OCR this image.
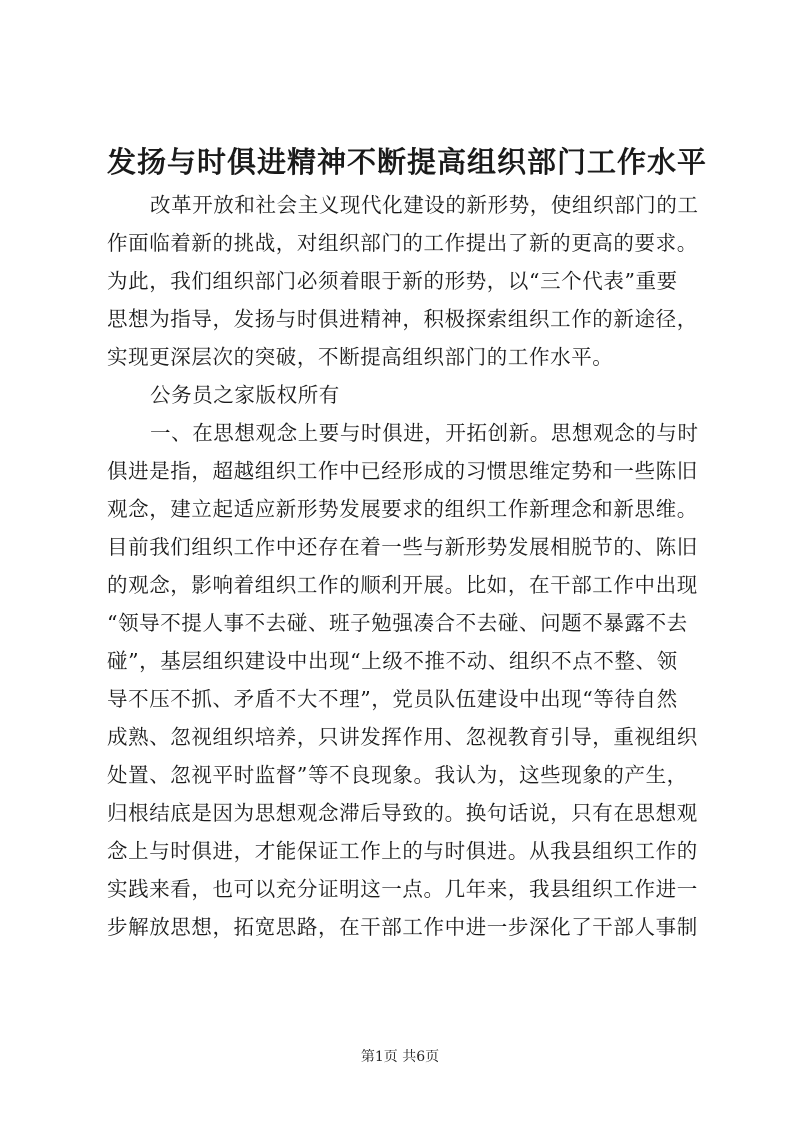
发扬与时俱进精神不断提高组织部门工作水平
改革开放和社会主义现代化建设的新形势，使组织部门的工
作面临着新的挑战，对组织部门的工作提出了新的更高的要求。
为此，我们组织部门必须着眼于新的形势，以“三个代表”重要
思想为指导，发扬与时俱进精神，积极探索组织工作的新途径，
实现更深层次的突破，不断提高组织部门的工作水平。
公务员之家版权所有
一、在思想观念上要与时俱进，开拓创新。思想观念的与时
俱进是指，超越组织工作中已经形成的习惯思维定势和一些陈旧
观念，建立起适应新形势发展要求的组织工作新理念和新思维。
目前我们组织工作中还存在着一些与新形势发展相脱节的、陈旧
的观念，影响着组织工作的顺利开展。比如，在干部工作中出现
“领导不提人事不去碰、班子勉强凑合不去碰、问题不暴露不去
碰”，基层组织建设中出现“上级不推不动、组织不点不整、领
导不压不抓、矛盾不大不理”，党员队伍建设中出现“等待自然
成熟、忽视组织培养，只讲发挥作用、忽视教育引导，重视组织
处置、忽视平时监督”等不良现象。我认为，这些现象的产生，
归根结底是因为思想观念滞后导致的。换句话说，只有在思想观
念上与时俱进，才能保证工作上的与时俱进。从我县组织工作的
实践来看，也可以充分证明这一点。几年来，我县组织工作进一
步解放思想，拓宽思路，在干部工作中进一步深化了干部人事制
第1页 共6页
